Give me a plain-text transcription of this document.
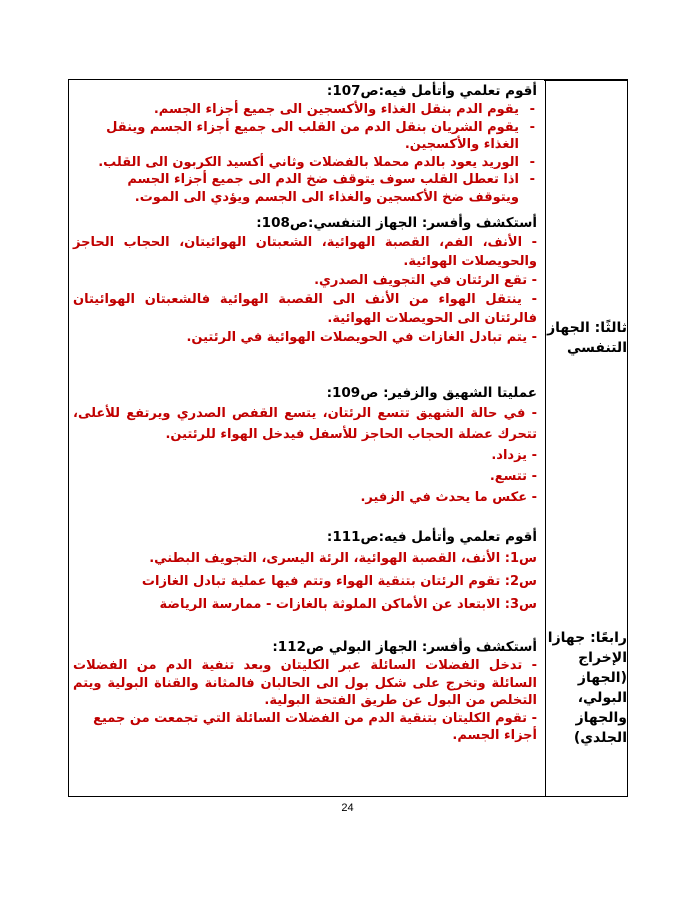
ثالثًا: الجهاز التنفسي
رابعًا: جهازا الإخراج (الجهاز البولي، والجهاز الجلدي)

أقوم تعلمي وأتأمل فيه:ص107:

- يقوم الدم بنقل الغذاء والأكسجين الى جميع أجزاء الجسم.
- يقوم الشريان بنقل الدم من القلب الى جميع أجزاء الجسم وينقل الغذاء والأكسجين.
- الوريد يعود بالدم محملا بالفضلات وثاني أكسيد الكربون الى القلب.
- اذا تعطل القلب سوف يتوقف ضخ الدم الى جميع أجزاء الجسم ويتوقف ضخ الأكسجين والغذاء الى الجسم ويؤدي الى الموت.

أستكشف وأفسر: الجهاز التنفسي:ص108:

- الأنف، الفم، القصبة الهوائية، الشعبتان الهوائيتان، الحجاب الحاجز والحويصلات الهوائية.

- تقع الرئتان في التجويف الصدري.

- ينتقل الهواء من الأنف الى القصبة الهوائية فالشعبتان الهوائيتان فالرئتان الى الحويصلات الهوائية.

- يتم تبادل الغازات في الحويصلات الهوائية في الرئتين.

عمليتا الشهيق والزفير: ص109:

- في حالة الشهيق تتسع الرئتان، يتسع القفص الصدري ويرتفع للأعلى، تتحرك عضلة الحجاب الحاجز للأسفل فيدخل الهواء للرئتين.

- يزداد.

- تتسع.

- عكس ما يحدث في الزفير.

أقوم تعلمي وأتأمل فيه:ص111:

س1: الأنف، القصبة الهوائية، الرئة اليسرى، التجويف البطني.

س2: تقوم الرئتان بتنقية الهواء وتتم فيها عملية تبادل الغازات

س3: الابتعاد عن الأماكن الملوثة بالغازات - ممارسة الرياضة

أستكشف وأفسر: الجهاز البولي ص112:

- تدخل الفضلات السائلة عبر الكليتان وبعد تنفية الدم من الفضلات السائلة وتخرج على شكل بول الى الحالبان فالمثانة والقناة البولية ويتم التخلص من البول عن طريق الفتحة البولية.

- تقوم الكليتان بتنقية الدم من الفضلات السائلة التي تجمعت من جميع أجزاء الجسم.

24
